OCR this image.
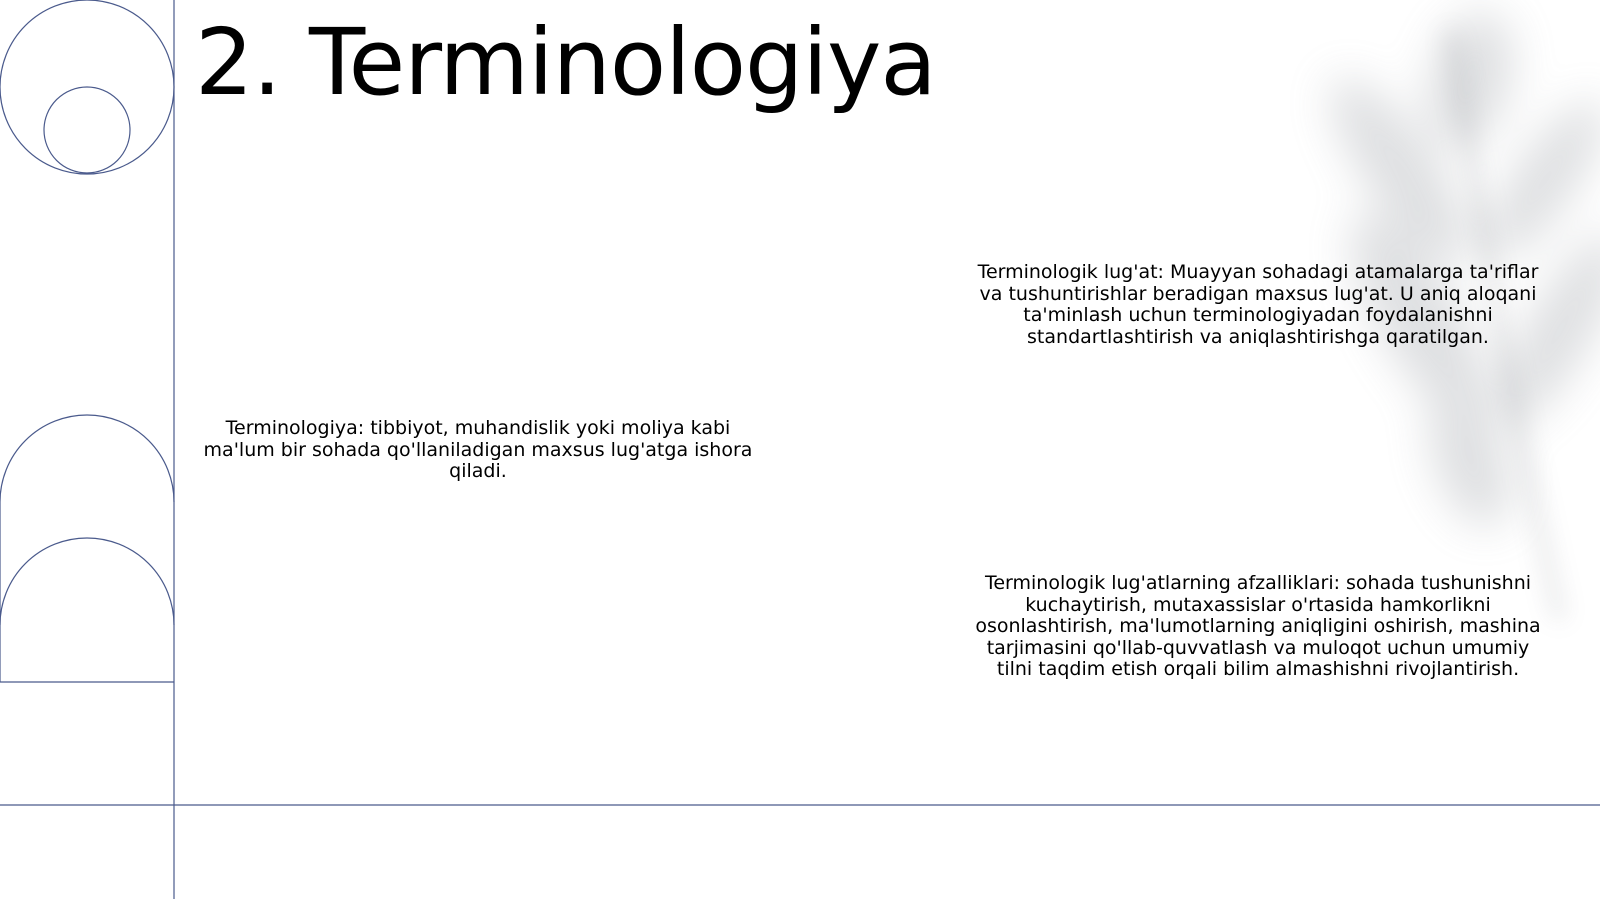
2. Terminologiya

Terminologiya: tibbiyot, muhandislik yoki moliya kabi ma'lum bir sohada qo'llaniladigan maxsus lug'atga ishora qiladi.

Terminologik lug'at: Muayyan sohadagi atamalarga ta'riflar va tushuntirishlar beradigan maxsus lug'at. U aniq aloqani ta'minlash uchun terminologiyadan foydalanishni standartlashtirish va aniqlashtirishga qaratilgan.

Terminologik lug'atlarning afzalliklari: sohada tushunishni kuchaytirish, mutaxassislar o'rtasida hamkorlikni osonlashtirish, ma'lumotlarning aniqligini oshirish, mashina tarjimasini qo'llab-quvvatlash va muloqot uchun umumiy tilni taqdim etish orqali bilim almashishni rivojlantirish.
